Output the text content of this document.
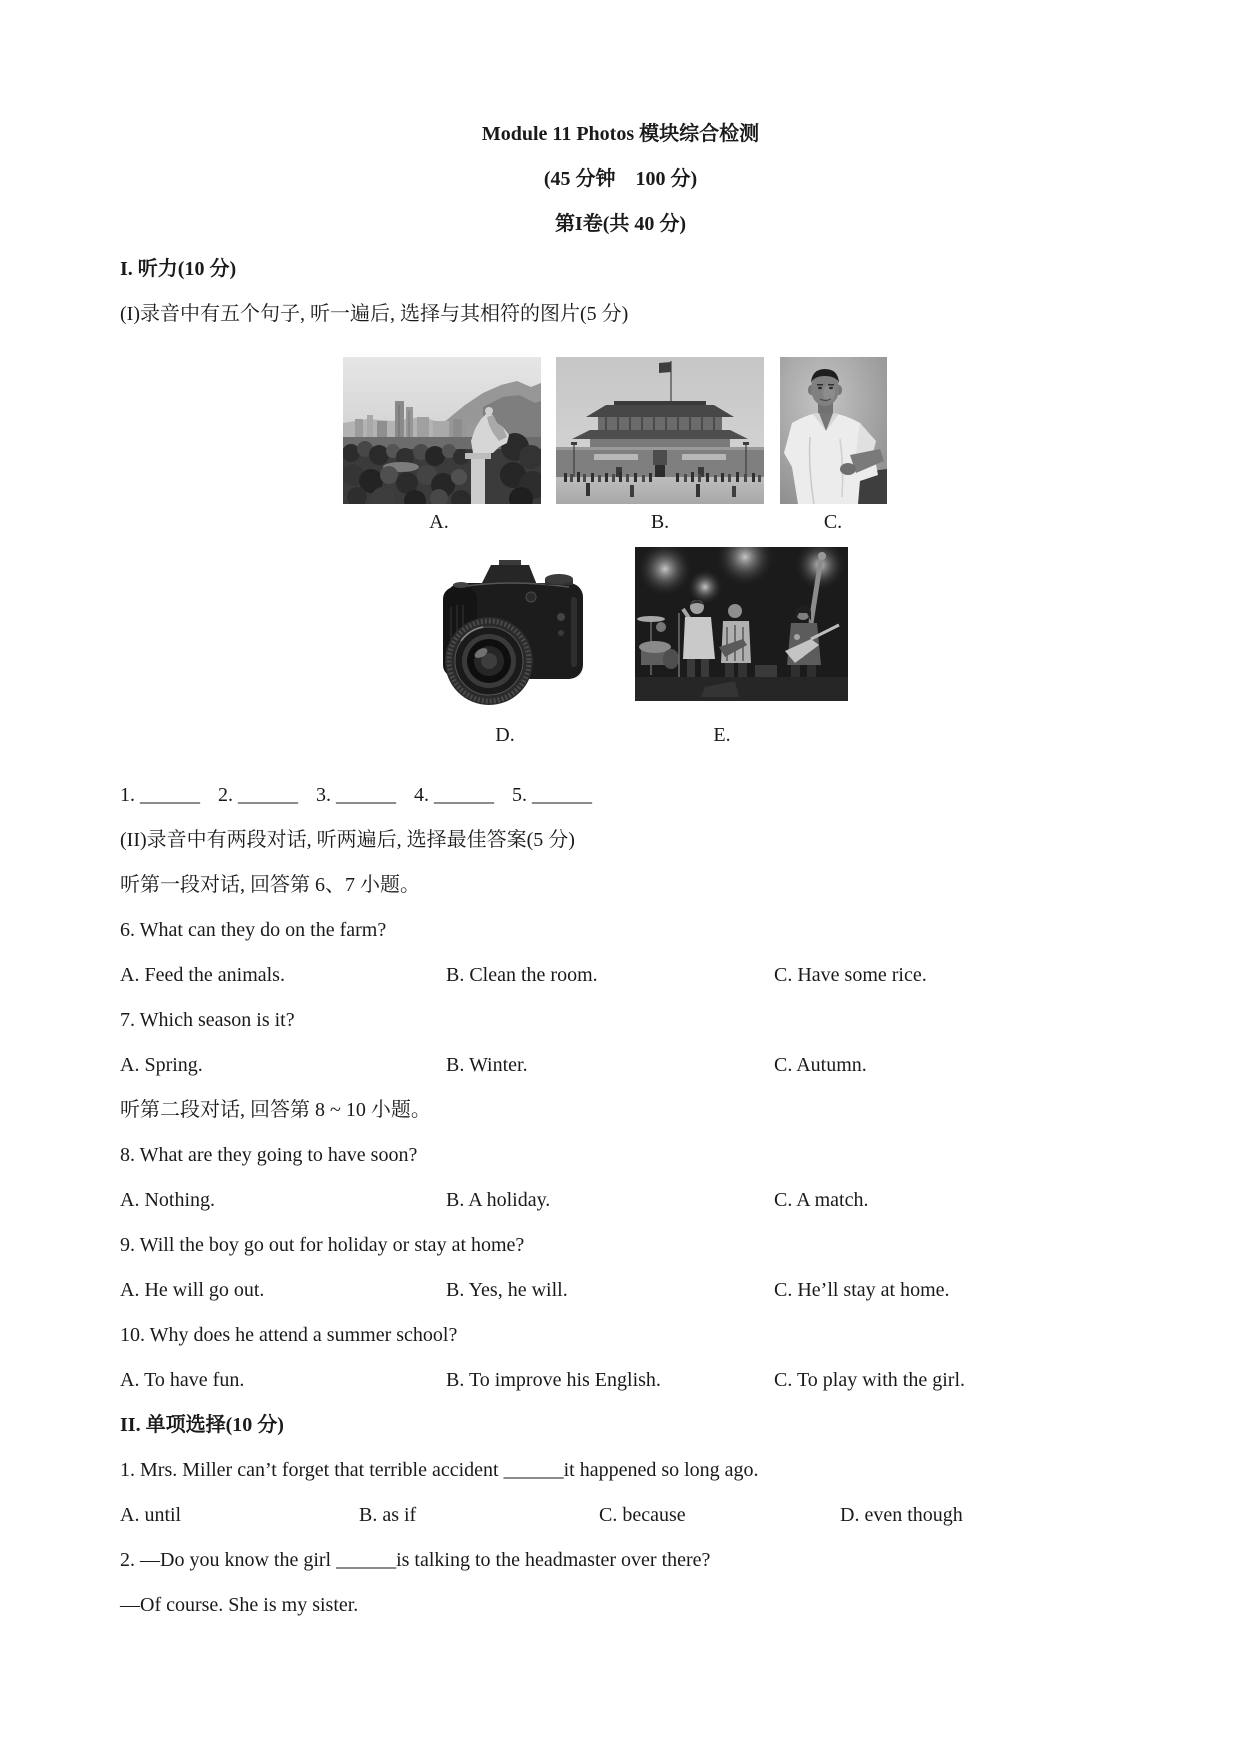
Module 11 Photos 模块综合检测
(45 分钟　100 分)
第I卷(共 40 分)
I. 听力(10 分)
(I)录音中有五个句子, 听一遍后, 选择与其相符的图片(5 分)
A.	B.	C.
D.	E.
1. ______ 2. ______ 3. ______ 4. ______ 5. ______
(II)录音中有两段对话, 听两遍后, 选择最佳答案(5 分)
听第一段对话, 回答第 6、7 小题。
6. What can they do on the farm?
A. Feed the animals.	B. Clean the room.	C. Have some rice.
7. Which season is it?
A. Spring.	B. Winter.	C. Autumn.
听第二段对话, 回答第 8 ~ 10 小题。
8. What are they going to have soon?
A. Nothing.	B. A holiday.	C. A match.
9. Will the boy go out for holiday or stay at home?
A. He will go out.	B. Yes, he will.	C. He’ll stay at home.
10. Why does he attend a summer school?
A. To have fun.	B. To improve his English.	C. To play with the girl.
II. 单项选择(10 分)
1. Mrs. Miller can’t forget that terrible accident ______it happened so long ago.
A. until	B. as if	C. because	D. even though
2. —Do you know the girl ______is talking to the headmaster over there?
—Of course. She is my sister.
